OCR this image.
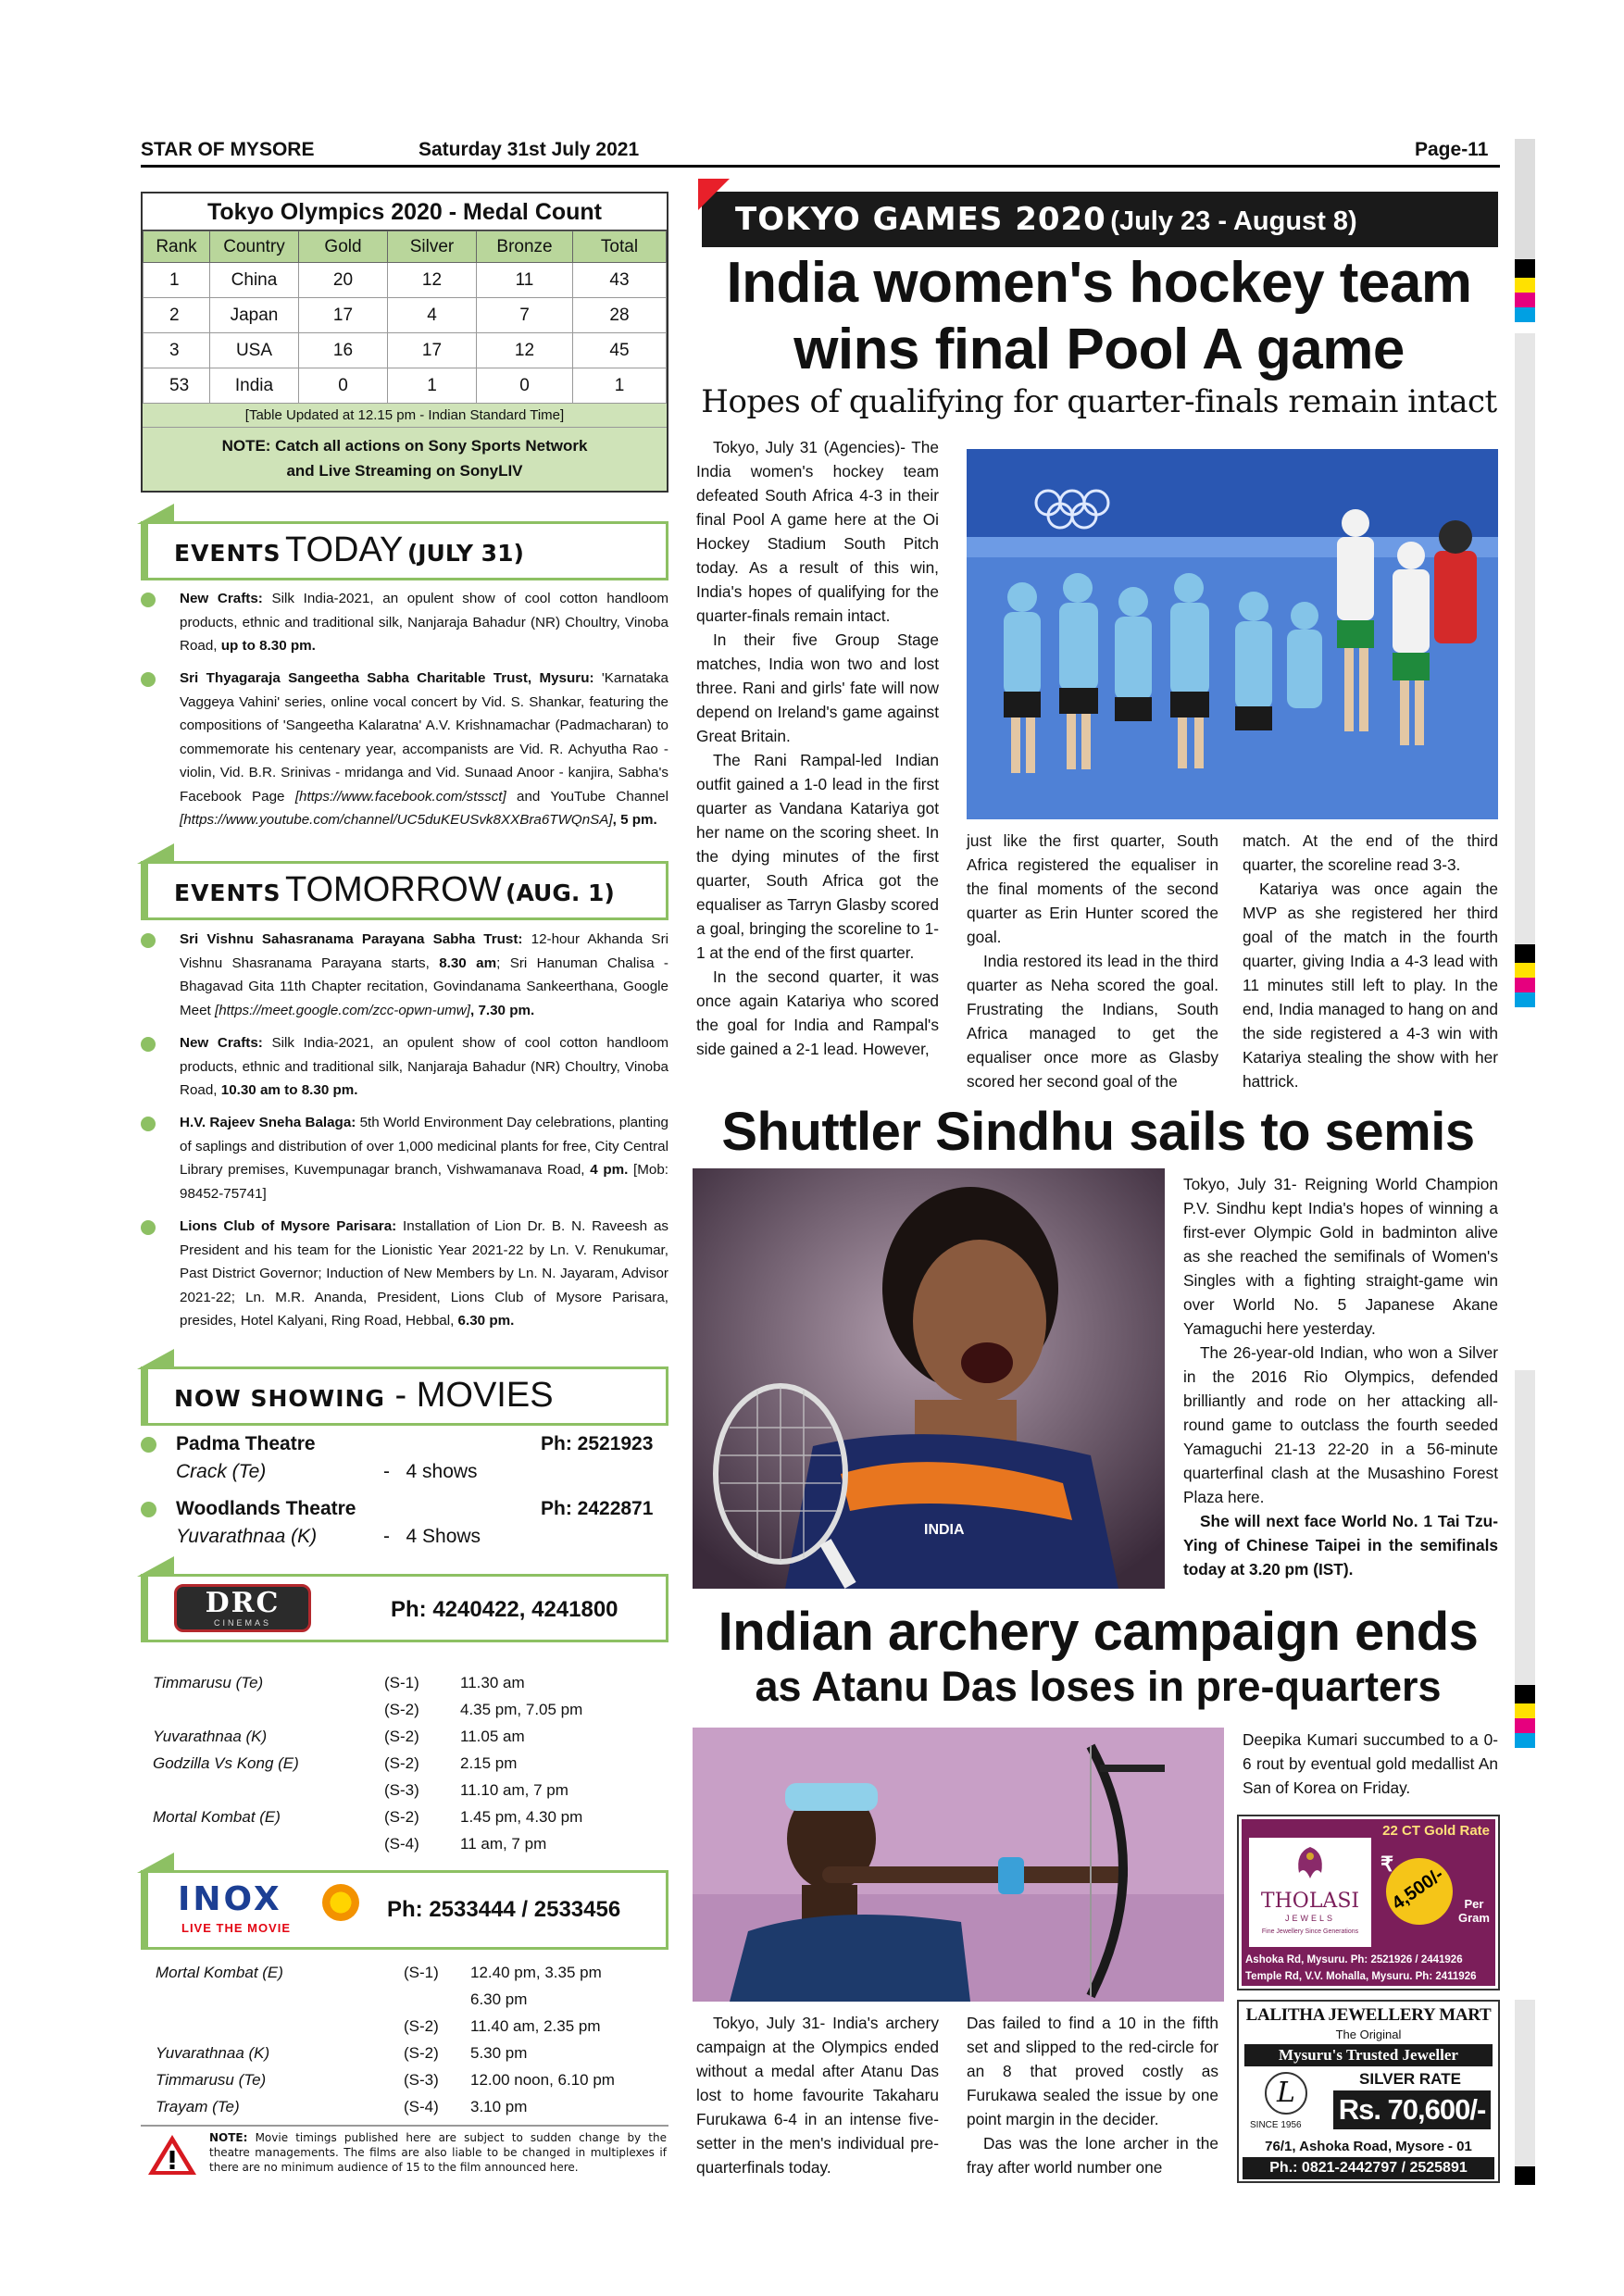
STAR OF MYSORE	Saturday 31st July 2021	Page-11
Tokyo Olympics 2020 - Medal Count
Rank	Country	Gold	Silver	Bronze	Total
1	China	20	12	11	43
2	Japan	17	4	7	28
3	USA	16	17	12	45
53	India	0	1	0	1
[Table Updated at 12.15 pm - Indian Standard Time]
NOTE: Catch all actions on Sony Sports Network
and Live Streaming on SonyLIV
EVENTS TODAY (JULY 31)
New Crafts: Silk India-2021, an opulent show of cool cotton handloom products, ethnic and traditional silk, Nanjaraja Bahadur (NR) Choultry, Vinoba Road, up to 8.30 pm.
Sri Thyagaraja Sangeetha Sabha Charitable Trust, Mysuru: 'Karnataka Vaggeya Vahini' series, online vocal concert by Vid. S. Shankar, featuring the compositions of 'Sangeetha Kalaratna' A.V. Krishnamachar (Padmacharan) to commemorate his centenary year, accompanists are Vid. R. Achyutha Rao - violin, Vid. B.R. Srinivas - mridanga and Vid. Sunaad Anoor - kanjira, Sabha's Facebook Page [https://www.facebook.com/stssct] and YouTube Channel [https://www.youtube.com/channel/UC5duKEUSvk8XXBra6TWQnSA], 5 pm.
EVENTS TOMORROW (AUG. 1)
Sri Vishnu Sahasranama Parayana Sabha Trust: 12-hour Akhanda Sri Vishnu Shasranama Parayana starts, 8.30 am; Sri Hanuman Chalisa - Bhagavad Gita 11th Chapter recitation, Govindanama Sankeerthana, Google Meet [https://meet.google.com/zcc-opwn-umw], 7.30 pm.
New Crafts: Silk India-2021, an opulent show of cool cotton handloom products, ethnic and traditional silk, Nanjaraja Bahadur (NR) Choultry, Vinoba Road, 10.30 am to 8.30 pm.
H.V. Rajeev Sneha Balaga: 5th World Environment Day celebrations, planting of saplings and distribution of over 1,000 medicinal plants for free, City Central Library premises, Kuvempunagar branch, Vishwamanava Road, 4 pm. [Mob: 98452-75741]
Lions Club of Mysore Parisara: Installation of Lion Dr. B. N. Raveesh as President and his team for the Lionistic Year 2021-22 by Ln. V. Renukumar, Past District Governor; Induction of New Members by Ln. N. Jayaram, Advisor 2021-22; Ln. M.R. Ananda, President, Lions Club of Mysore Parisara, presides, Hotel Kalyani, Ring Road, Hebbal, 6.30 pm.
NOW SHOWING - MOVIES
Padma Theatre	Ph: 2521923
Crack (Te)	-   4 shows
Woodlands Theatre	Ph: 2422871
Yuvarathnaa (K)	-   4 Shows
DRC
CINEMAS
Ph: 4240422, 4241800
Timmarusu (Te)	(S-1)	11.30 am
(S-2)	4.35 pm, 7.05 pm
Yuvarathnaa (K)	(S-2)	11.05 am
Godzilla Vs Kong (E)	(S-2)	2.15 pm
(S-3)	11.10 am, 7 pm
Mortal Kombat (E)	(S-2)	1.45 pm, 4.30 pm
(S-4)	11 am, 7 pm
INOX
LIVE THE MOVIE
Ph: 2533444 / 2533456
Mortal Kombat (E)	(S-1) 12.40 pm, 3.35 pm
6.30 pm
(S-2) 11.40 am, 2.35 pm
Yuvarathnaa (K)	(S-2) 5.30 pm
Timmarusu (Te)	(S-3) 12.00 noon, 6.10 pm
Trayam (Te)	(S-4) 3.10 pm
NOTE: Movie timings published here are subject to sudden change by the theatre managements. The films are also liable to be changed in multiplexes if there are no minimum audience of 15 to the film announced here.
TOKYO GAMES 2020 (July 23 - August 8)
India women's hockey team
wins final Pool A game
Hopes of qualifying for quarter-finals remain intact

Tokyo, July 31 (Agencies)- The India women's hockey team defeated South Africa 4-3 in their final Pool A game here at the Oi Hockey Stadium South Pitch today. As a result of this win, India's hopes of qualifying for the quarter-finals remain intact.

In their five Group Stage matches, India won two and lost three. Rani and girls' fate will now depend on Ireland's game against Great Britain.

The Rani Rampal-led Indian outfit gained a 1-0 lead in the first quarter as Vandana Katariya got her name on the scoring sheet. In the dying minutes of the first quarter, South Africa got the equaliser as Tarryn Glasby scored a goal, bringing the scoreline to 1-1 at the end of the first quarter.

In the second quarter, it was once again Katariya who scored the goal for India and Rampal's side gained a 2-1 lead. However,

just like the first quarter, South Africa registered the equaliser in the final moments of the second quarter as Erin Hunter scored the goal.

India restored its lead in the third quarter as Neha scored the goal. Frustrating the Indians, South Africa managed to get the equaliser once more as Glasby scored her second goal of the

match. At the end of the third quarter, the scoreline read 3-3.

Katariya was once again the MVP as she registered her third goal of the match in the fourth quarter, giving India a 4-3 lead with 11 minutes still left to play. In the end, India managed to hang on and the side registered a 4-3 win with Katariya stealing the show with her hattrick.

Shuttler Sindhu sails to semis
INDIA

Tokyo, July 31- Reigning World Champion P.V. Sindhu kept India's hopes of winning a first-ever Olympic Gold in badminton alive as she reached the semifinals of Women's Singles with a fighting straight-game win over World No. 5 Japanese Akane Yamaguchi here yesterday.

The 26-year-old Indian, who won a Silver in the 2016 Rio Olympics, defended brilliantly and rode on her attacking all-round game to outclass the fourth seeded Yamaguchi 21-13 22-20 in a 56-minute quarterfinal clash at the Musashino Forest Plaza here.

She will next face World No. 1 Tai Tzu-Ying of Chinese Taipei in the semifinals today at 3.20 pm (IST).

Indian archery campaign ends
as Atanu Das loses in pre-quarters
Deepika Kumari succumbed to a 0-6 rout by eventual gold medallist An San of Korea on Friday.

Tokyo, July 31- India's archery campaign at the Olympics ended without a medal after Atanu Das lost to home favourite Takaharu Furukawa 6-4 in an intense five-setter in the men's individual pre-quarterfinals today.

Das failed to find a 10 in the fifth set and slipped to the red-circle for an 8 that proved costly as Furukawa sealed the issue by one point margin in the decider.

Das was the lone archer in the fray after world number one

22 CT Gold Rate
THOLASI
JEWELS
Fine Jewellery Since Generations
₹
4,500/-	Per Gram
Ashoka Rd, Mysuru. Ph: 2521926 / 2441926
Temple Rd, V.V. Mohalla, Mysuru. Ph: 2411926
LALITHA JEWELLERY MART
The Original
Mysuru's Trusted Jeweller
SILVER RATE
L
SINCE 1956 Rs. 70,600/-
76/1, Ashoka Road, Mysore - 01
Ph.: 0821-2442797 / 2525891
